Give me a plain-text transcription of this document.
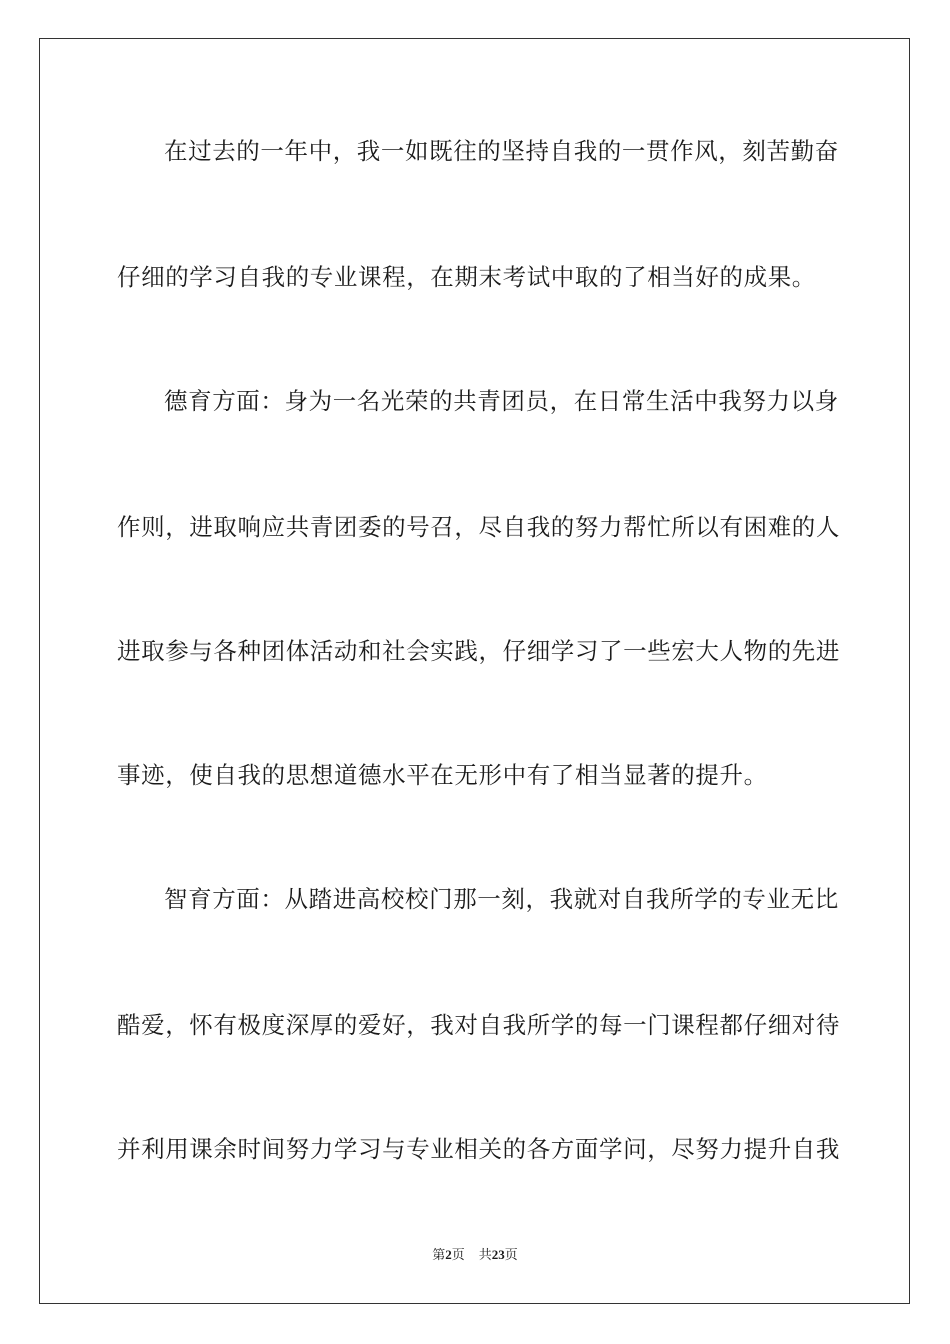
在过去的一年中，我一如既往的坚持自我的一贯作风，刻苦勤奋
仔细的学习自我的专业课程，在期末考试中取的了相当好的成果。
德育方面：身为一名光荣的共青团员，在日常生活中我努力以身
作则，进取响应共青团委的号召，尽自我的努力帮忙所以有困难的人
进取参与各种团体活动和社会实践，仔细学习了一些宏大人物的先进
事迹，使自我的思想道德水平在无形中有了相当显著的提升。
智育方面：从踏进高校校门那一刻，我就对自我所学的专业无比
酷爱，怀有极度深厚的爱好，我对自我所学的每一门课程都仔细对待
并利用课余时间努力学习与专业相关的各方面学问，尽努力提升自我
第2页 共23页
